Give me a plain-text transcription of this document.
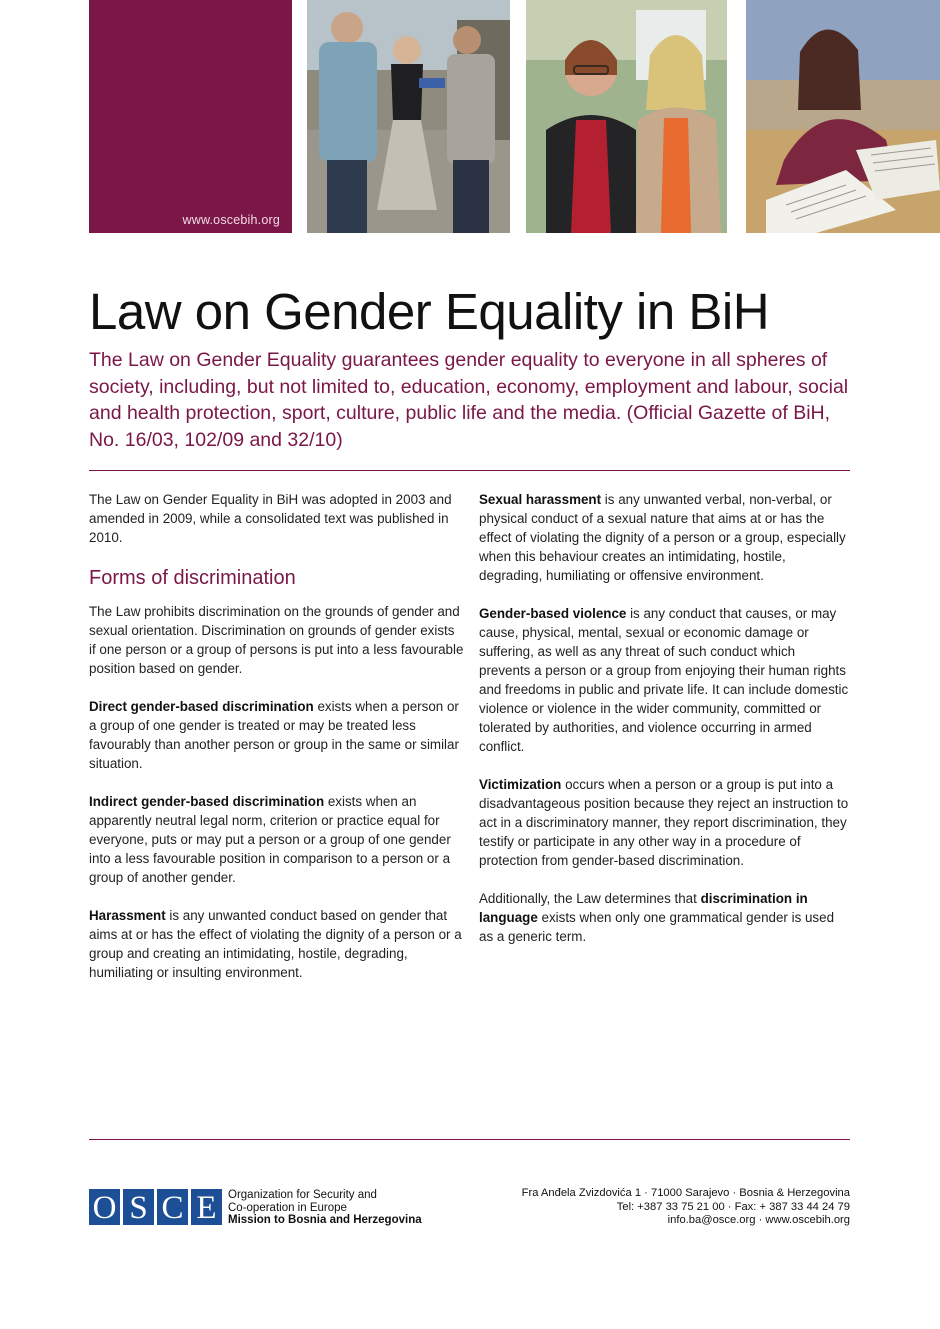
www.oscebih.org
Law on Gender Equality in BiH

The Law on Gender Equality guarantees gender equality to everyone in all spheres of society, including, but not limited to, education, economy, employment and labour, social and health protection, sport, culture, public life and the media. (Official Gazette of BiH, No. 16/03, 102/09 and 32/10)

The Law on Gender Equality in BiH was adopted in 2003 and amended in 2009, while a consolidated text was published in 2010.

Forms of discrimination

The Law prohibits discrimination on the grounds of gender and sexual orientation. Discrimination on grounds of gender exists if one person or a group of persons is put into a less favourable position based on gender.

Direct gender-based discrimination exists when a person or a group of one gender is treated or may be treated less favourably than another person or group in the same or similar situation.

Indirect gender-based discrimination exists when an apparently neutral legal norm, criterion or practice equal for everyone, puts or may put a person or a group of one gender into a less favourable position in comparison to a person or a group of another gender.

Harassment is any unwanted conduct based on gender that aims at or has the effect of violating the dignity of a person or a group and creating an intimidating, hostile, degrading, humiliating or insulting environment.

Sexual harassment is any unwanted verbal, non-verbal, or physical conduct of a sexual nature that aims at or has the effect of violating the dignity of a person or a group, especially when this behaviour creates an intimidating, hostile, degrading, humiliating or offensive environment.

Gender-based violence is any conduct that causes, or may cause, physical, mental, sexual or economic damage or suffering, as well as any threat of such conduct which prevents a person or a group from enjoying their human rights and freedoms in public and private life. It can include domestic violence or violence in the wider community, committed or tolerated by authorities, and violence occurring in armed conflict.

Victimization occurs when a person or a group is put into a disadvantageous position because they reject an instruction to act in a discriminatory manner, they report discrimination, they testify or participate in any other way in a procedure of protection from gender-based discrimination.

Additionally, the Law determines that discrimination in language exists when only one grammatical gender is used as a generic term.

O S C E Organization for Security and
Co-operation in Europe
Mission to Bosnia and Herzegovina
Fra Anđela Zvizdovića 1 · 71000 Sarajevo · Bosnia & Herzegovina
Tel: +387 33 75 21 00 · Fax: + 387 33 44 24 79
info.ba@osce.org · www.oscebih.org
